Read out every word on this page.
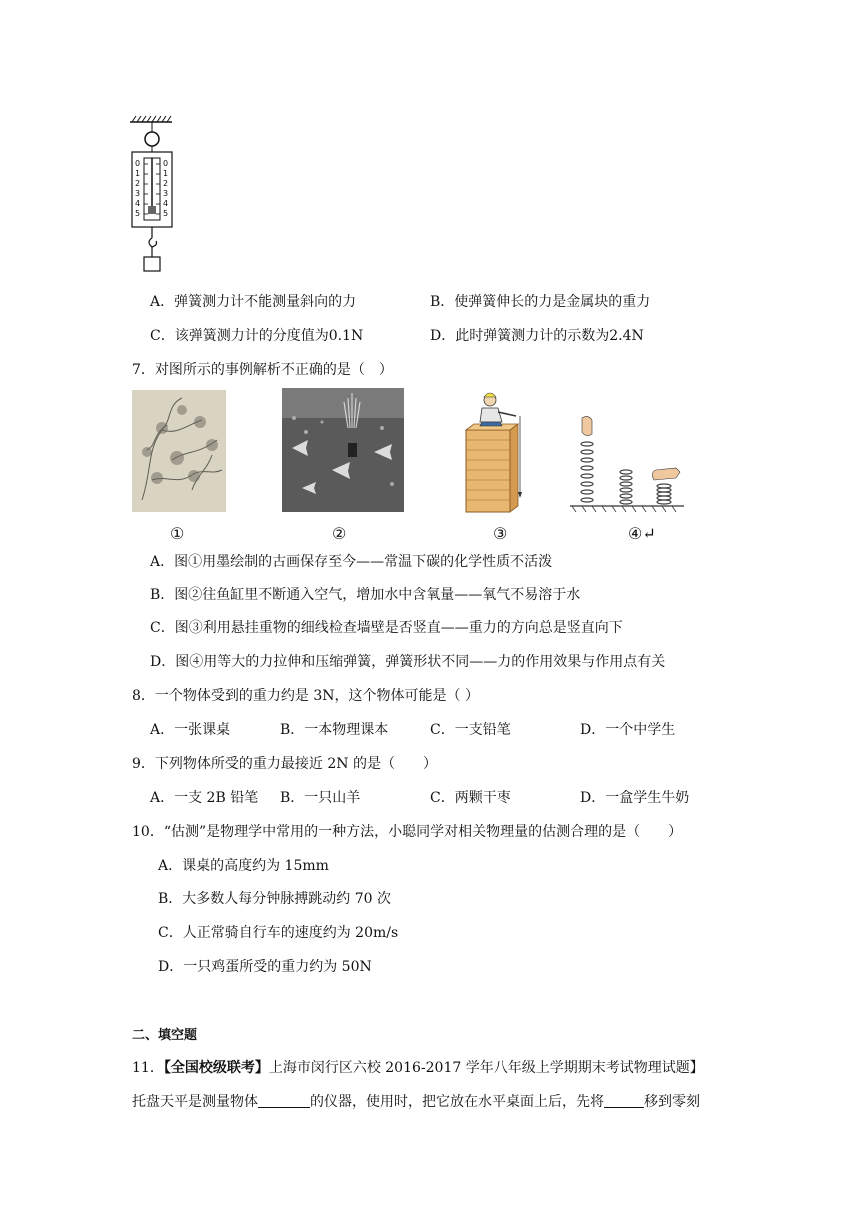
0
1
2
3
4
5
0
1
2
3
4
5
A．弹簧测力计不能测量斜向的力	B．使弹簧伸长的力是金属块的重力
C．该弹簧测力计的分度值为0.1N	D．此时弹簧测力计的示数为2.4N
7．对图所示的事例解析不正确的是（　）
①	②	③	④↵
A．图①用墨绘制的古画保存至今——常温下碳的化学性质不活泼
B．图②往鱼缸里不断通入空气，增加水中含氧量——氧气不易溶于水
C．图③利用悬挂重物的细线检查墙壁是否竖直——重力的方向总是竖直向下
D．图④用等大的力拉伸和压缩弹簧，弹簧形状不同——力的作用效果与作用点有关
8．一个物体受到的重力约是 3N，这个物体可能是（ ）
A．一张课桌	B．一本物理课本	C．一支铅笔	D．一个中学生
9．下列物体所受的重力最接近 2N 的是（　　）
A．一支 2B 铅笔 B．一只山羊	C．两颗干枣	D．一盒学生牛奶
10．“估测”是物理学中常用的一种方法，小聪同学对相关物理量的估测合理的是（　　）
A．课桌的高度约为 15mm
B．大多数人每分钟脉搏跳动约 70 次
C．人正常骑自行车的速度约为 20m/s
D．一只鸡蛋所受的重力约为 50N
二、填空题
11．【全国校级联考】上海市闵行区六校 2016-2017 学年八年级上学期期末考试物理试题】
托盘天平是测量物体	的仪器，使用时，把它放在水平桌面上后，先将	移到零刻
